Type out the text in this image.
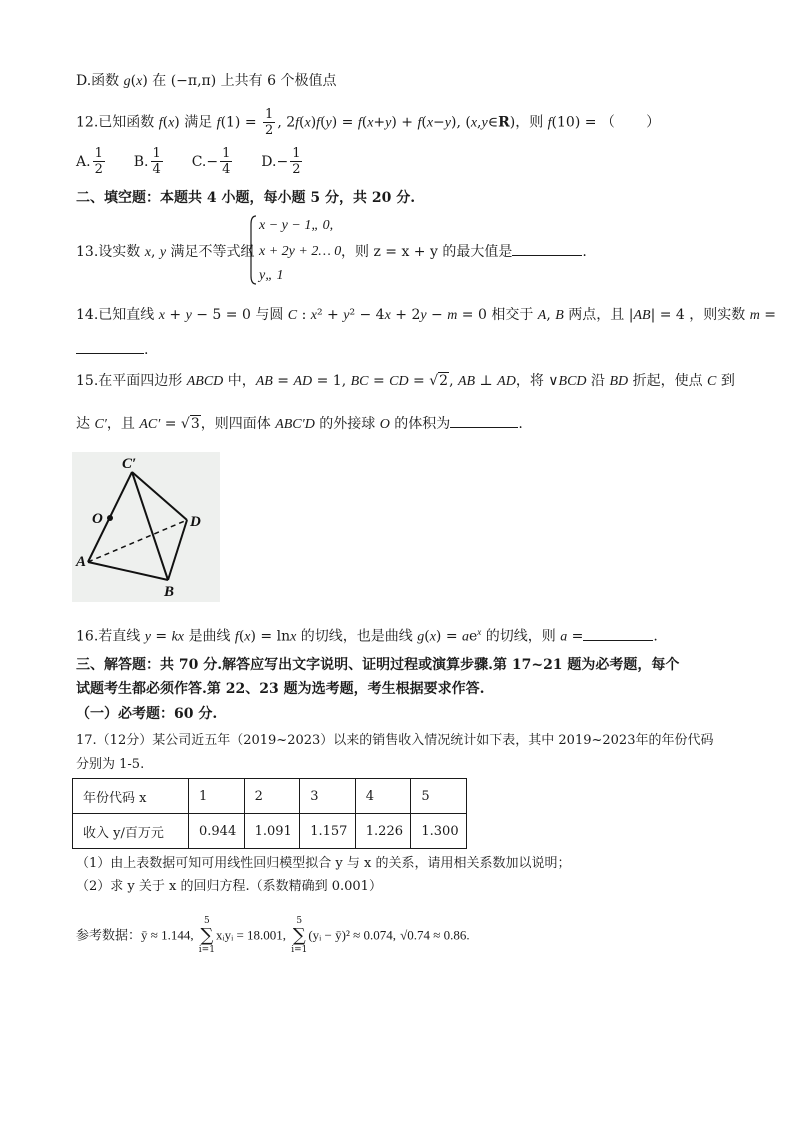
D.函数 g(x) 在 (−π,π) 上共有 6 个极值点
12.已知函数 f(x) 满足 $f(1) = \frac{1}{2}$ , 2f(x)f(y) = f(x+y) + f(x−y), (x,y∈R)，则 f(10) = （       ）
A. $\frac{1}{2} B$. $\frac{1}{4} C.- \frac{1}{4} D.- \frac{1}{2}$
二、填空题：本题共 4 小题，每小题 5 分，共 20 分.
13.设实数 x, y 满足不等式组
x − y − 1„ 0,
x + 2y + 2… 0
y„ 1
，则 z = x + y 的最大值是	.
14.已知直线 x + y − 5 = 0 与圆 C : x² + y² − 4x + 2y − m = 0 相交于 A, B 两点，且 |AB| = 4 ，则实数 m =
.
15.在平面四边形 ABCD 中，AB = AD = 1, BC = CD = √2, AB ⊥ AD，将 ∨BCD 沿 BD 折起，使点 C 到
达 C′，且 AC′ = √3，则四面体 ABC′D 的外接球 O 的体积为	.
C′
O	D
A
B
16.若直线 y = kx 是曲线 f(x) = lnx 的切线，也是曲线 $g(x) = ae^x$ 的切线，则 a =	.
三、解答题：共 70 分.解答应写出文字说明、证明过程或演算步骤.第 17~21 题为必考题，每个
试题考生都必须作答.第 22、23 题为选考题，考生根据要求作答.
（一）必考题：60 分.
17.（12分）某公司近五年（2019~2023）以来的销售收入情况统计如下表，其中 2019~2023年的年份代码
分别为 1-5.
年份代码 x	1	2	3	4	5
收入 y/百万元	0.944	1.091	1.157	1.226	1.300
（1）由上表数据可知可用线性回归模型拟合 y 与 x 的关系，请用相关系数加以说明；
（2）求 y 关于 x 的回归方程.（系数精确到 0.001）
参考数据：ȳ ≈ 1.144,
5
∑
i=1
xᵢyᵢ = 18.001,
5
∑
i=1
(yᵢ − ȳ)² ≈ 0.074, √0.74 ≈ 0.86.
